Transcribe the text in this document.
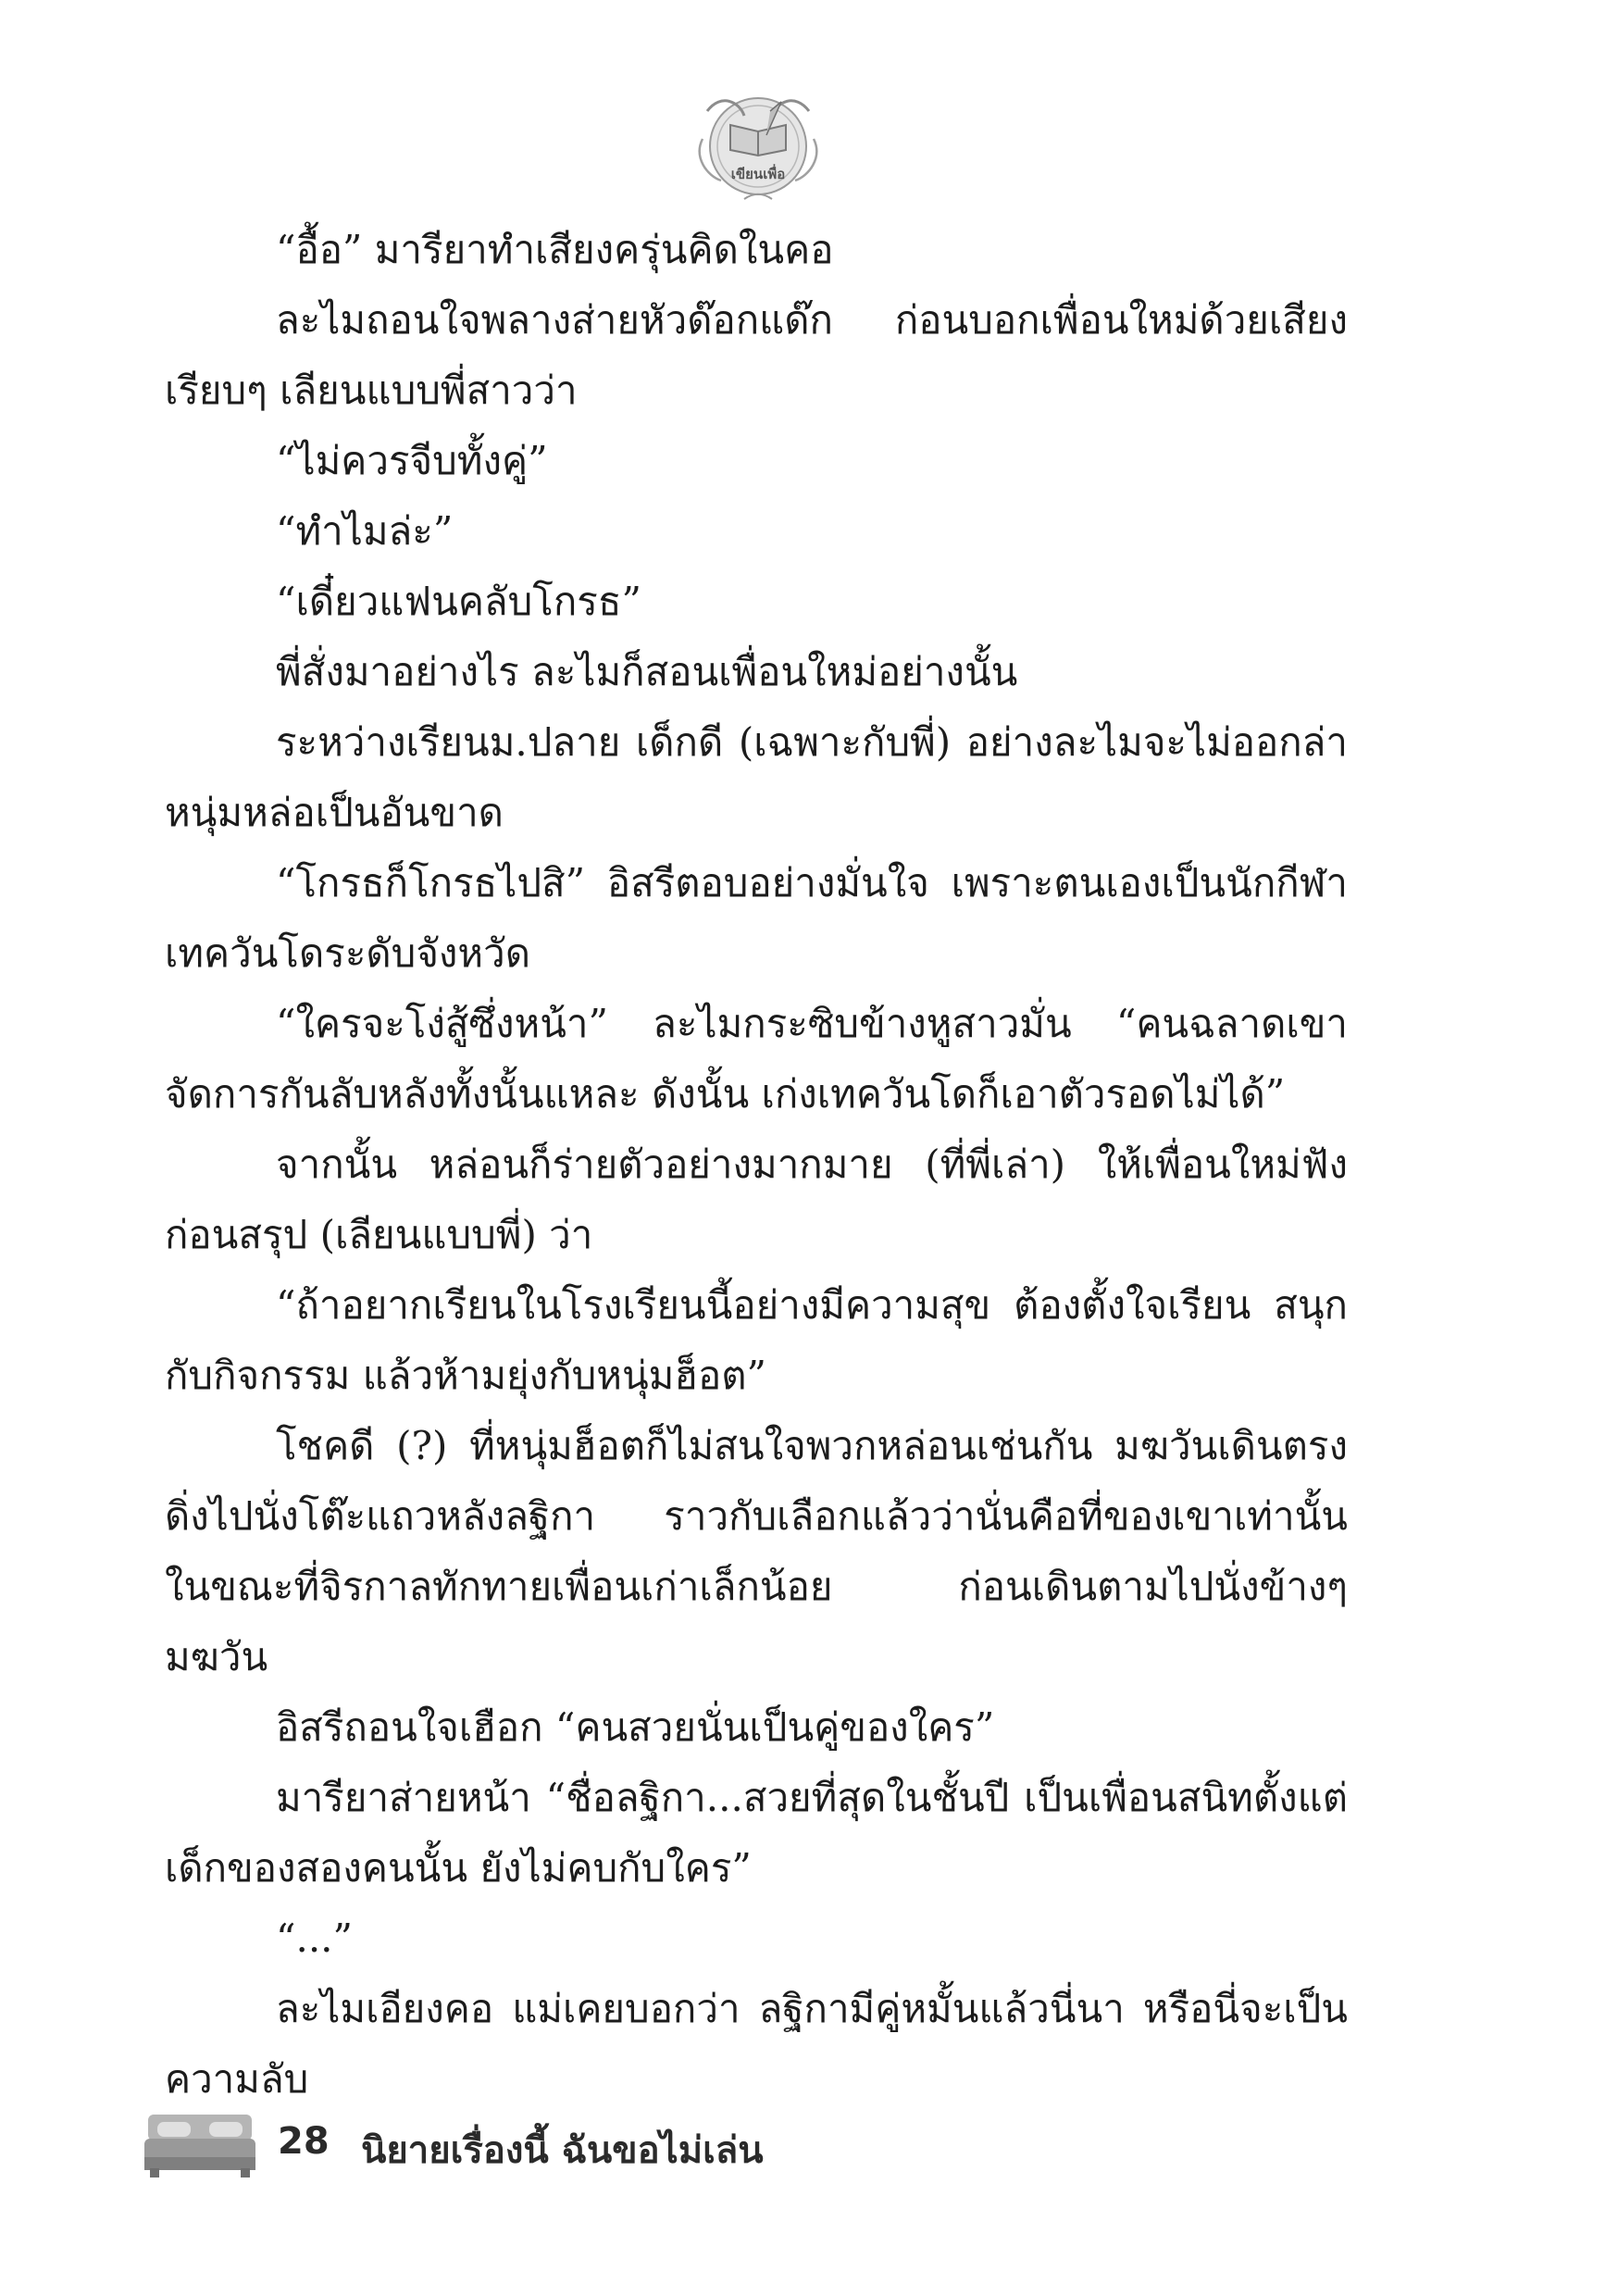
เขียนเพื่อ

“อื้อ” มารียาทำเสียงครุ่นคิดในคอ

ละไมถอนใจพลางส่ายหัวด๊อกแด๊ก ก่อนบอกเพื่อนใหม่ด้วยเสียงเรียบๆ เลียนแบบพี่สาวว่า

“ไม่ควรจีบทั้งคู่”

“ทำไมล่ะ”

“เดี๋ยวแฟนคลับโกรธ”

พี่สั่งมาอย่างไร ละไมก็สอนเพื่อนใหม่อย่างนั้น

ระหว่างเรียนม.ปลาย เด็กดี (เฉพาะกับพี่) อย่างละไมจะไม่ออกล่าหนุ่มหล่อเป็นอันขาด

“โกรธก็โกรธไปสิ” อิสรีตอบอย่างมั่นใจ เพราะตนเองเป็นนักกีฬาเทควันโดระดับจังหวัด

“ใครจะโง่สู้ซึ่งหน้า” ละไมกระซิบข้างหูสาวมั่น “คนฉลาดเขาจัดการกันลับหลังทั้งนั้นแหละ ดังนั้น เก่งเทควันโดก็เอาตัวรอดไม่ได้”

จากนั้น หล่อนก็ร่ายตัวอย่างมากมาย (ที่พี่เล่า) ให้เพื่อนใหม่ฟังก่อนสรุป (เลียนแบบพี่) ว่า

“ถ้าอยากเรียนในโรงเรียนนี้อย่างมีความสุข ต้องตั้งใจเรียน สนุกกับกิจกรรม แล้วห้ามยุ่งกับหนุ่มฮ็อต”

โชคดี (?) ที่หนุ่มฮ็อตก็ไม่สนใจพวกหล่อนเช่นกัน มฆวันเดินตรงดิ่งไปนั่งโต๊ะแถวหลังลฐิกา ราวกับเลือกแล้วว่านั่นคือที่ของเขาเท่านั้น ในขณะที่จิรกาลทักทายเพื่อนเก่าเล็กน้อย ก่อนเดินตามไปนั่งข้างๆ มฆวัน

อิสรีถอนใจเฮือก “คนสวยนั่นเป็นคู่ของใคร”

มารียาส่ายหน้า “ชื่อลฐิกา...สวยที่สุดในชั้นปี เป็นเพื่อนสนิทตั้งแต่เด็กของสองคนนั้น ยังไม่คบกับใคร”

“...”

ละไมเอียงคอ แม่เคยบอกว่า ลฐิกามีคู่หมั้นแล้วนี่นา หรือนี่จะเป็นความลับ

28 นิยายเรื่องนี้ ฉันขอไม่เล่น
